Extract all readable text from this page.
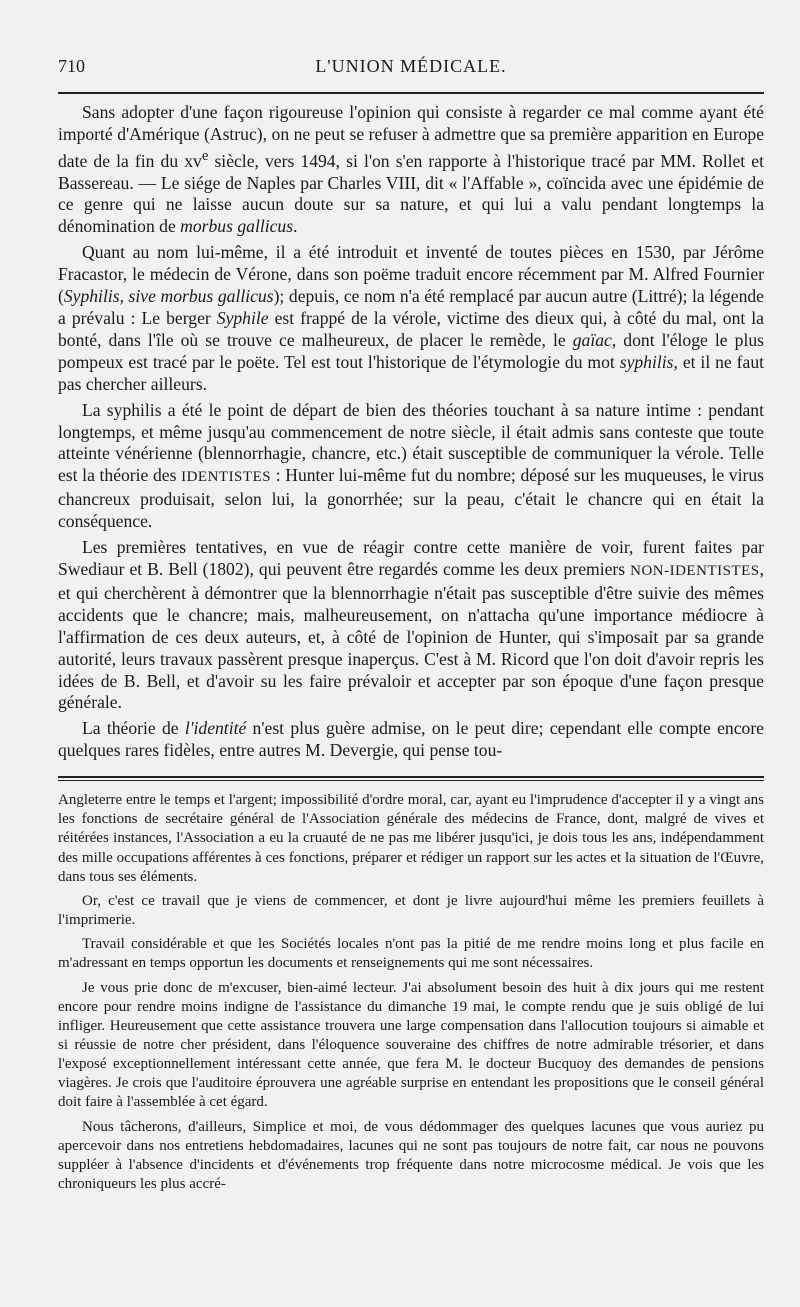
710	L'UNION MÉDICALE.

Sans adopter d'une façon rigoureuse l'opinion qui consiste à regarder ce mal comme ayant été importé d'Amérique (Astruc), on ne peut se refuser à admettre que sa première apparition en Europe date de la fin du $xv^e$ siècle, vers 1494, si l'on s'en rapporte à l'historique tracé par MM. Rollet et Bassereau. — Le siége de Naples par Charles VIII, dit « l'Affable », coïncida avec une épidémie de ce genre qui ne laisse aucun doute sur sa nature, et qui lui a valu pendant longtemps la dénomination de morbus gallicus.

Quant au nom lui-même, il a été introduit et inventé de toutes pièces en 1530, par Jérôme Fracastor, le médecin de Vérone, dans son poëme traduit encore récemment par M. Alfred Fournier (Syphilis, sive morbus gallicus); depuis, ce nom n'a été remplacé par aucun autre (Littré); la légende a prévalu : Le berger Syphile est frappé de la vérole, victime des dieux qui, à côté du mal, ont la bonté, dans l'île où se trouve ce malheureux, de placer le remède, le gaïac, dont l'éloge le plus pompeux est tracé par le poëte. Tel est tout l'historique de l'étymologie du mot syphilis, et il ne faut pas chercher ailleurs.

La syphilis a été le point de départ de bien des théories touchant à sa nature intime : pendant longtemps, et même jusqu'au commencement de notre siècle, il était admis sans conteste que toute atteinte vénérienne (blennorrhagie, chancre, etc.) était susceptible de communiquer la vérole. Telle est la théorie des IDENTISTES : Hunter lui-même fut du nombre; déposé sur les muqueuses, le virus chancreux produisait, selon lui, la gonorrhée; sur la peau, c'était le chancre qui en était la conséquence.

Les premières tentatives, en vue de réagir contre cette manière de voir, furent faites par Swediaur et B. Bell (1802), qui peuvent être regardés comme les deux premiers NON-IDENTISTES, et qui cherchèrent à démontrer que la blennorrhagie n'était pas susceptible d'être suivie des mêmes accidents que le chancre; mais, malheureusement, on n'attacha qu'une importance médiocre à l'affirmation de ces deux auteurs, et, à côté de l'opinion de Hunter, qui s'imposait par sa grande autorité, leurs travaux passèrent presque inaperçus. C'est à M. Ricord que l'on doit d'avoir repris les idées de B. Bell, et d'avoir su les faire prévaloir et accepter par son époque d'une façon presque générale.

La théorie de l'identité n'est plus guère admise, on le peut dire; cependant elle compte encore quelques rares fidèles, entre autres M. Devergie, qui pense tou-

Angleterre entre le temps et l'argent; impossibilité d'ordre moral, car, ayant eu l'imprudence d'accepter il y a vingt ans les fonctions de secrétaire général de l'Association générale des médecins de France, dont, malgré de vives et réitérées instances, l'Association a eu la cruauté de ne pas me libérer jusqu'ici, je dois tous les ans, indépendamment des mille occupations afférentes à ces fonctions, préparer et rédiger un rapport sur les actes et la situation de l'Œuvre, dans tous ses éléments.

Or, c'est ce travail que je viens de commencer, et dont je livre aujourd'hui même les premiers feuillets à l'imprimerie.

Travail considérable et que les Sociétés locales n'ont pas la pitié de me rendre moins long et plus facile en m'adressant en temps opportun les documents et renseignements qui me sont nécessaires.

Je vous prie donc de m'excuser, bien-aimé lecteur. J'ai absolument besoin des huit à dix jours qui me restent encore pour rendre moins indigne de l'assistance du dimanche 19 mai, le compte rendu que je suis obligé de lui infliger. Heureusement que cette assistance trouvera une large compensation dans l'allocution toujours si aimable et si réussie de notre cher président, dans l'éloquence souveraine des chiffres de notre admirable trésorier, et dans l'exposé exceptionnellement intéressant cette année, que fera M. le docteur Bucquoy des demandes de pensions viagères. Je crois que l'auditoire éprouvera une agréable surprise en entendant les propositions que le conseil général doit faire à l'assemblée à cet égard.

Nous tâcherons, d'ailleurs, Simplice et moi, de vous dédommager des quelques lacunes que vous auriez pu apercevoir dans nos entretiens hebdomadaires, lacunes qui ne sont pas toujours de notre fait, car nous ne pouvons suppléer à l'absence d'incidents et d'événements trop fréquente dans notre microcosme médical. Je vois que les chroniqueurs les plus accré-
